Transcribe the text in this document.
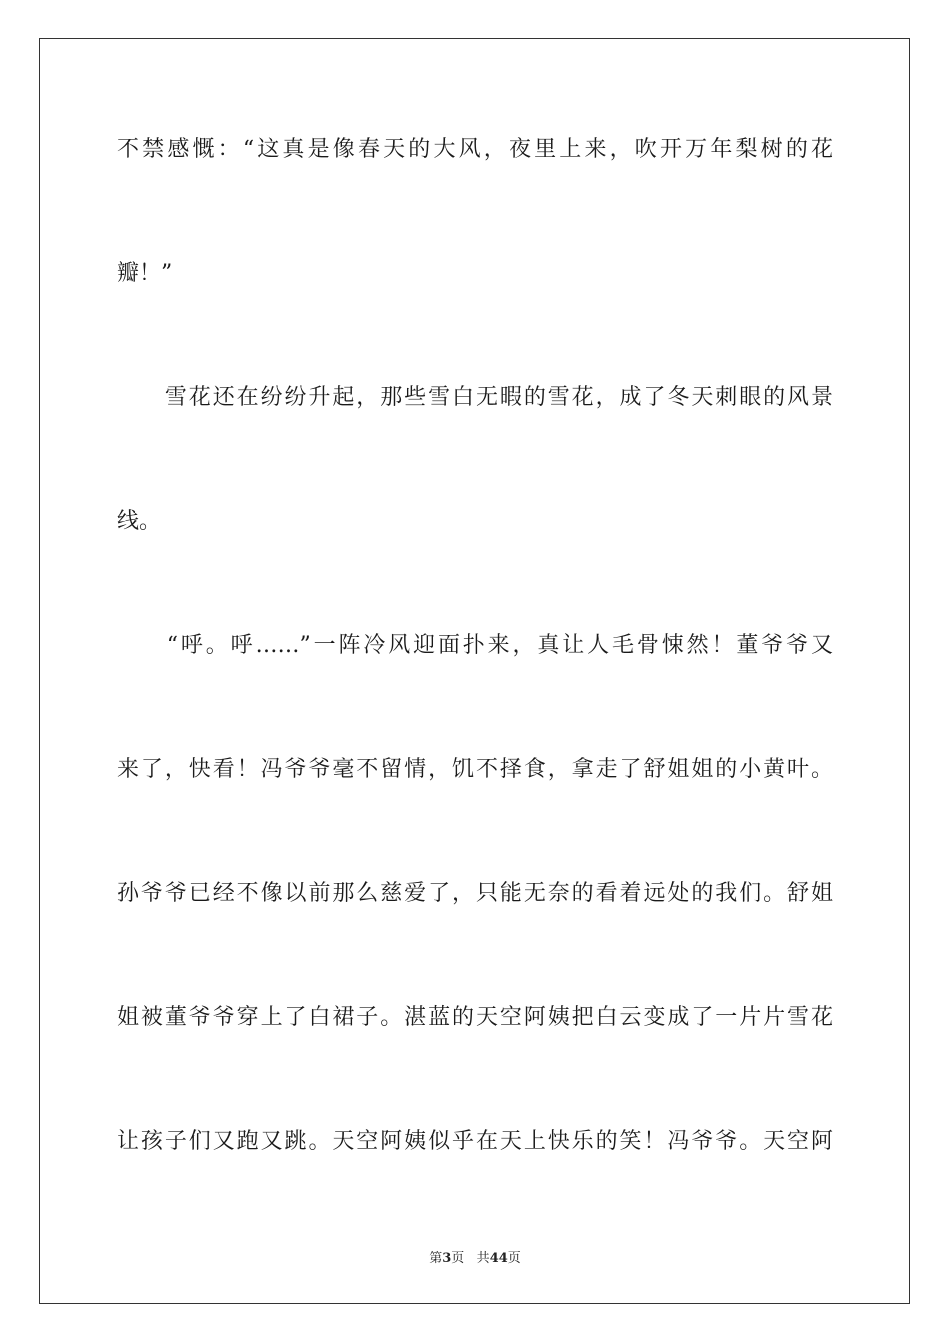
不禁感慨：“这真是像春天的大风，夜里上来，吹开万年梨树的花

瓣！”

　　雪花还在纷纷升起，那些雪白无暇的雪花，成了冬天刺眼的风景

线。

　　“呼。呼……”一阵冷风迎面扑来，真让人毛骨悚然！董爷爷又

来了，快看！冯爷爷毫不留情，饥不择食，拿走了舒姐姐的小黄叶。

孙爷爷已经不像以前那么慈爱了，只能无奈的看着远处的我们。舒姐

姐被董爷爷穿上了白裙子。湛蓝的天空阿姨把白云变成了一片片雪花

让孩子们又跑又跳。天空阿姨似乎在天上快乐的笑！冯爷爷。天空阿

第3页 共44页
